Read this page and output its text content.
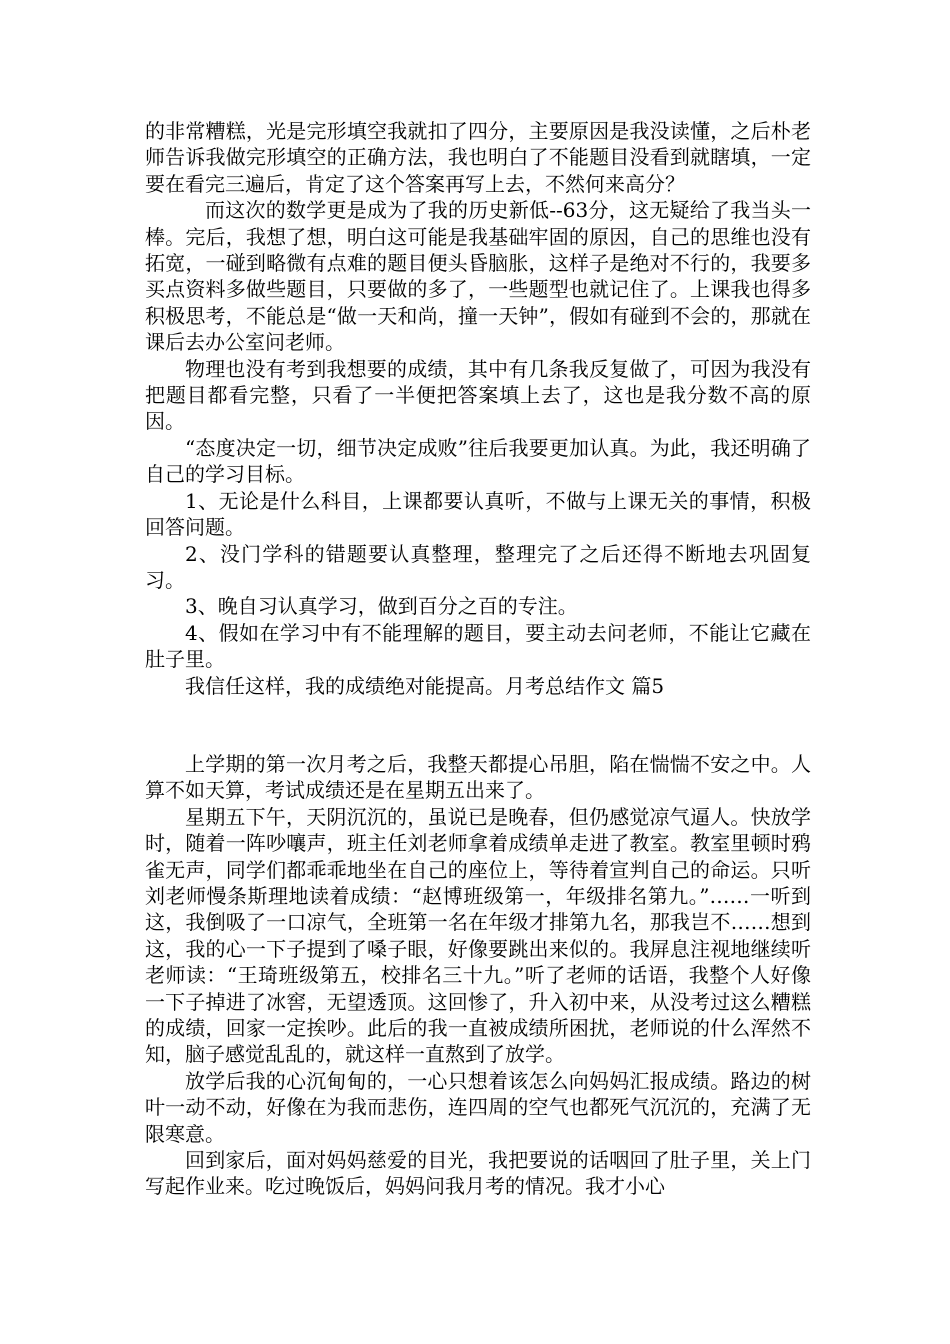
的非常糟糕，光是完形填空我就扣了四分，主要原因是我没读懂，之后朴老师告诉我做完形填空的正确方法，我也明白了不能题目没看到就瞎填，一定要在看完三遍后，肯定了这个答案再写上去，不然何来高分？

而这次的数学更是成为了我的历史新低--63分，这无疑给了我当头一棒。完后，我想了想，明白这可能是我基础牢固的原因，自己的思维也没有拓宽，一碰到略微有点难的题目便头昏脑胀，这样子是绝对不行的，我要多买点资料多做些题目，只要做的多了，一些题型也就记住了。上课我也得多积极思考，不能总是“做一天和尚，撞一天钟”，假如有碰到不会的，那就在课后去办公室问老师。

物理也没有考到我想要的成绩，其中有几条我反复做了，可因为我没有把题目都看完整，只看了一半便把答案填上去了，这也是我分数不高的原因。

“态度决定一切，细节决定成败”往后我要更加认真。为此，我还明确了自己的学习目标。

1、无论是什么科目，上课都要认真听，不做与上课无关的事情，积极回答问题。

2、没门学科的错题要认真整理，整理完了之后还得不断地去巩固复习。

3、晚自习认真学习，做到百分之百的专注。

4、假如在学习中有不能理解的题目，要主动去问老师，不能让它藏在肚子里。

我信任这样，我的成绩绝对能提高。月考总结作文 篇5

上学期的第一次月考之后，我整天都提心吊胆，陷在惴惴不安之中。人算不如天算，考试成绩还是在星期五出来了。

星期五下午，天阴沉沉的，虽说已是晚春，但仍感觉凉气逼人。快放学时，随着一阵吵嚷声，班主任刘老师拿着成绩单走进了教室。教室里顿时鸦雀无声，同学们都乖乖地坐在自己的座位上，等待着宣判自己的命运。只听刘老师慢条斯理地读着成绩：“赵博班级第一，年级排名第九。”……一听到这，我倒吸了一口凉气，全班第一名在年级才排第九名，那我岂不……想到这，我的心一下子提到了嗓子眼，好像要跳出来似的。我屏息注视地继续听老师读：“王琦班级第五，校排名三十九。”听了老师的话语，我整个人好像一下子掉进了冰窖，无望透顶。这回惨了，升入初中来，从没考过这么糟糕的成绩，回家一定挨吵。此后的我一直被成绩所困扰，老师说的什么浑然不知，脑子感觉乱乱的，就这样一直熬到了放学。

放学后我的心沉甸甸的，一心只想着该怎么向妈妈汇报成绩。路边的树叶一动不动，好像在为我而悲伤，连四周的空气也都死气沉沉的，充满了无限寒意。

回到家后，面对妈妈慈爱的目光，我把要说的话咽回了肚子里，关上门写起作业来。吃过晚饭后，妈妈问我月考的情况。我才小心
